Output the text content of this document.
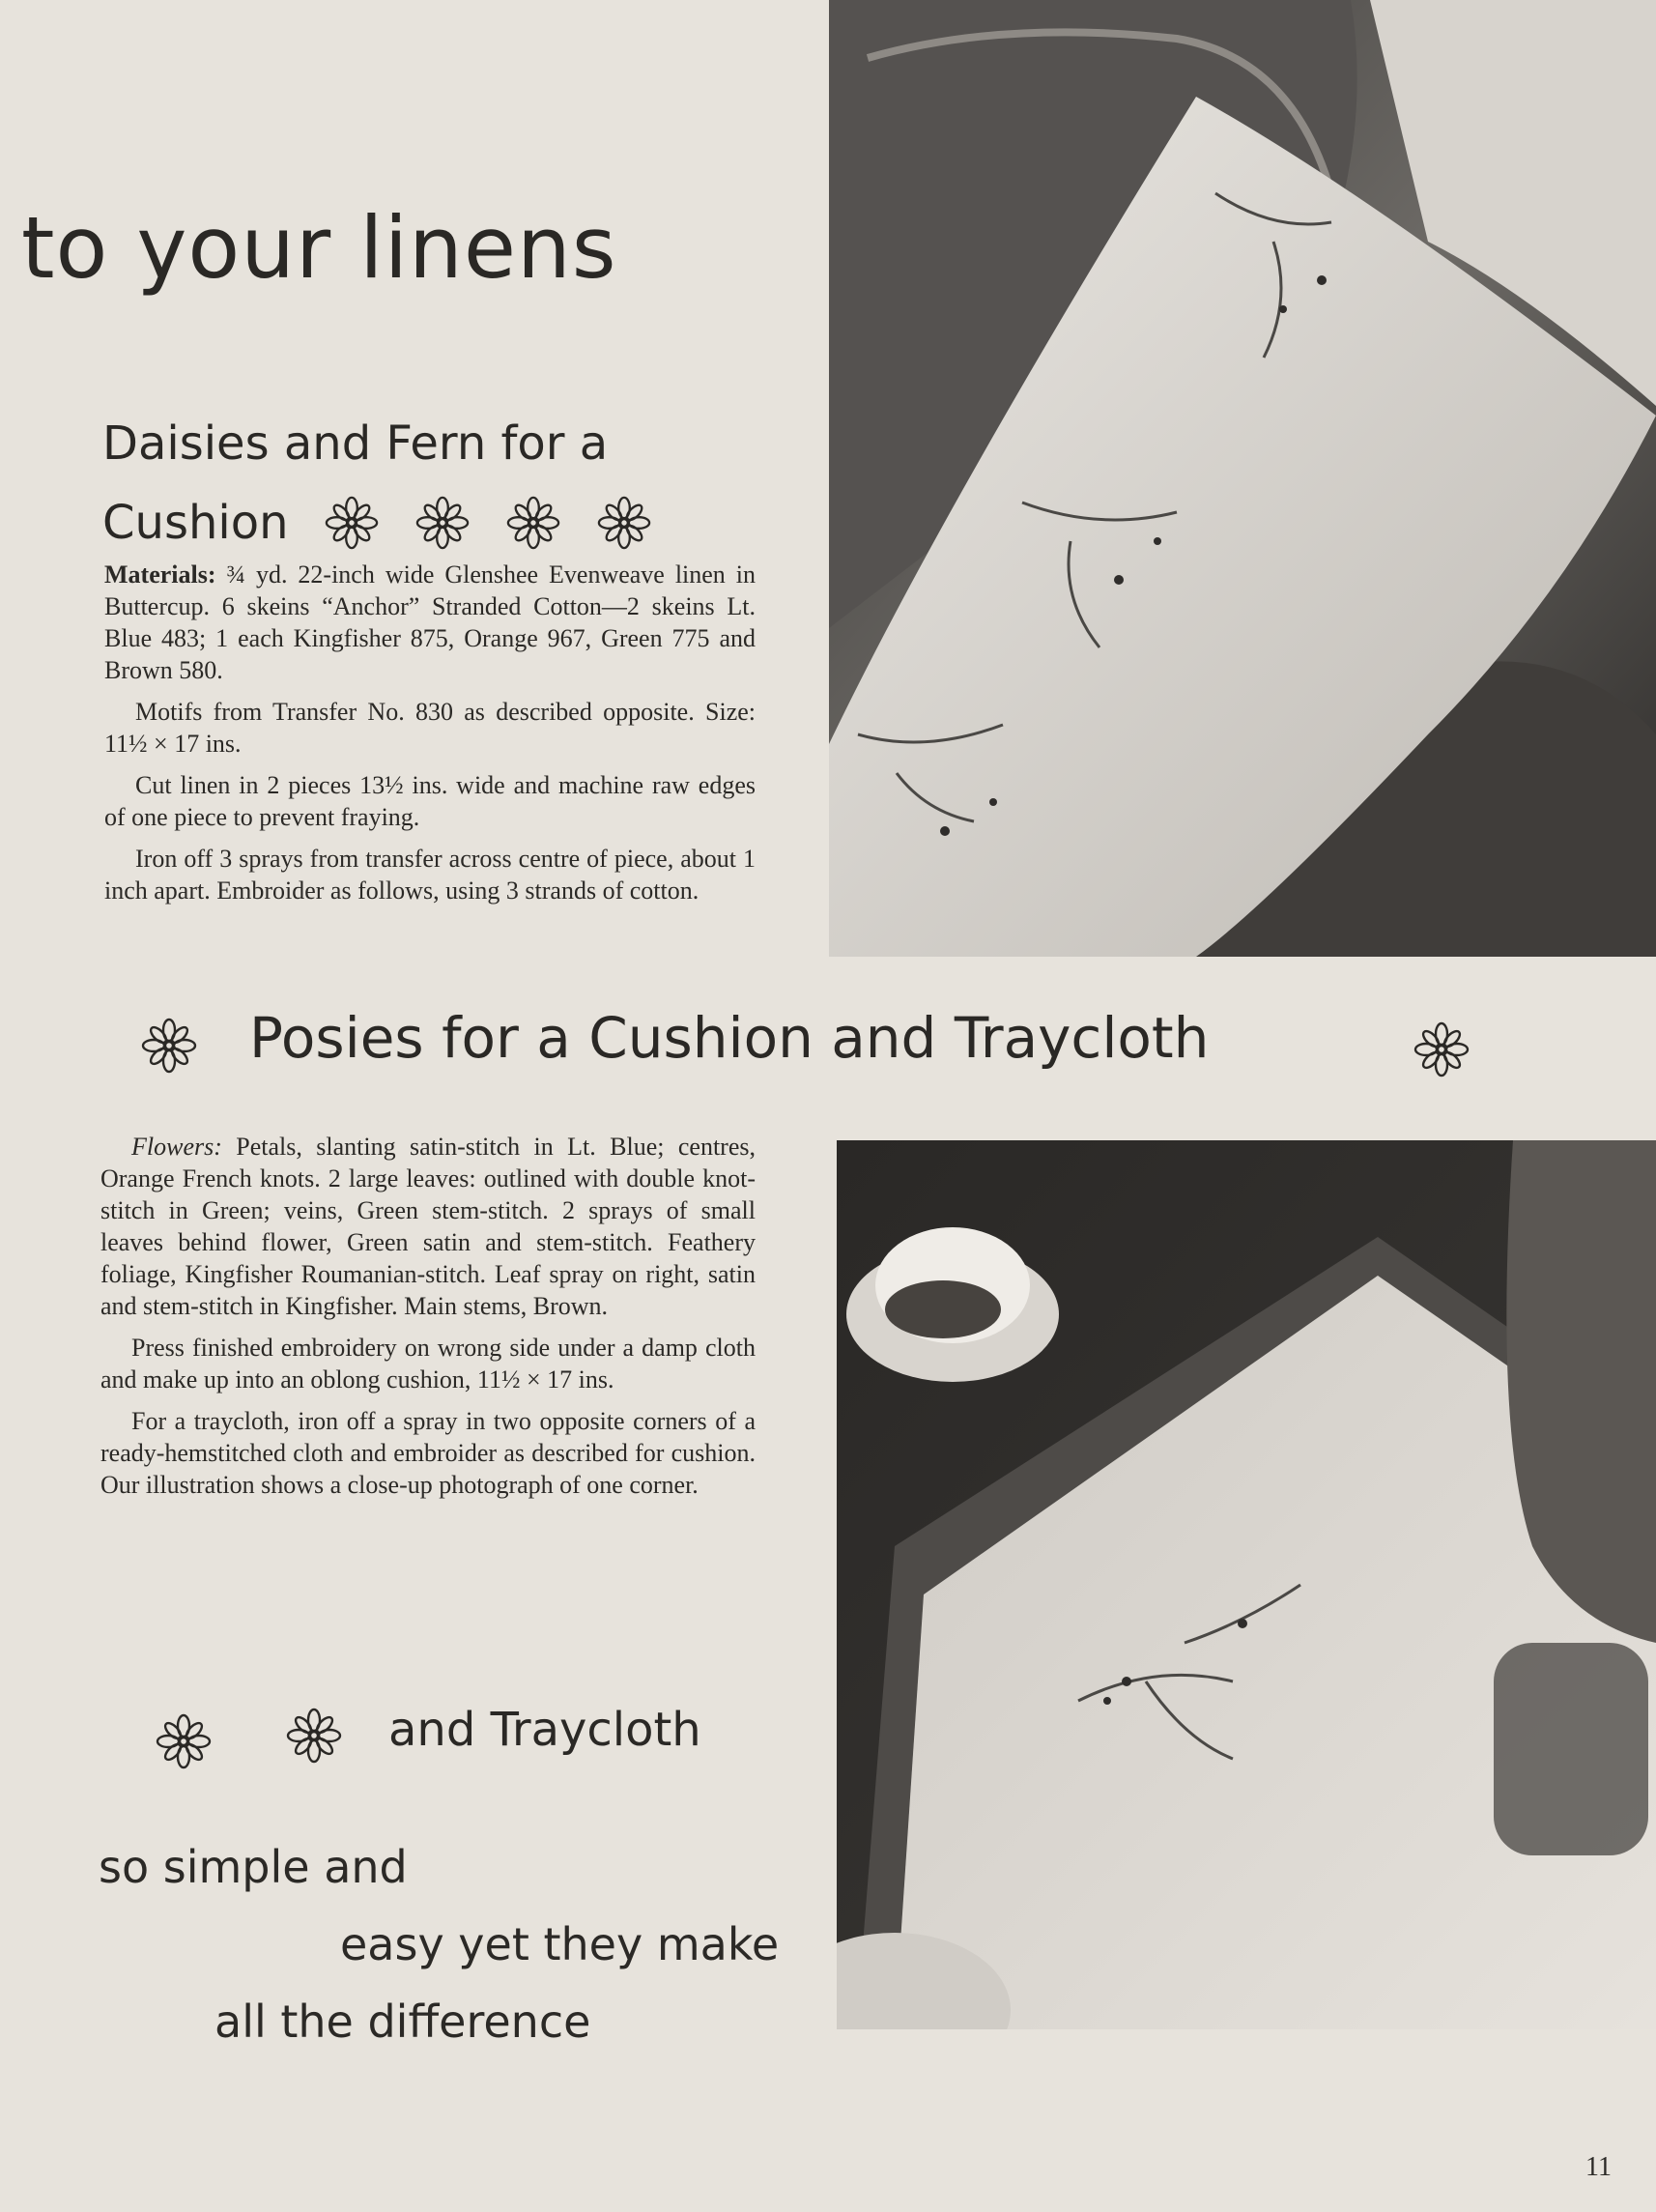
to your linens
Daisies and Fern for a
Cushion

Materials: ¾ yd. 22-inch wide Glenshee Evenweave linen in Buttercup. 6 skeins “Anchor” Stranded Cotton—2 skeins Lt. Blue 483; 1 each Kingfisher 875, Orange 967, Green 775 and Brown 580.

Motifs from Transfer No. 830 as described opposite. Size: 11½ × 17 ins.

Cut linen in 2 pieces 13½ ins. wide and machine raw edges of one piece to prevent fraying.

Iron off 3 sprays from transfer across centre of piece, about 1 inch apart. Embroider as follows, using 3 strands of cotton.

Posies for a Cushion and Traycloth

Flowers: Petals, slanting satin-stitch in Lt. Blue; centres, Orange French knots. 2 large leaves: outlined with double knot-stitch in Green; veins, Green stem-stitch. 2 sprays of small leaves behind flower, Green satin and stem-stitch. Feathery foliage, Kingfisher Roumanian-stitch. Leaf spray on right, satin and stem-stitch in Kingfisher. Main stems, Brown.

Press finished embroidery on wrong side under a damp cloth and make up into an oblong cushion, 11½ × 17 ins.

For a traycloth, iron off a spray in two opposite corners of a ready-hemstitched cloth and embroider as described for cushion. Our illustration shows a close-up photograph of one corner.

and Traycloth

so simple and

easy yet they make

all the difference

11
